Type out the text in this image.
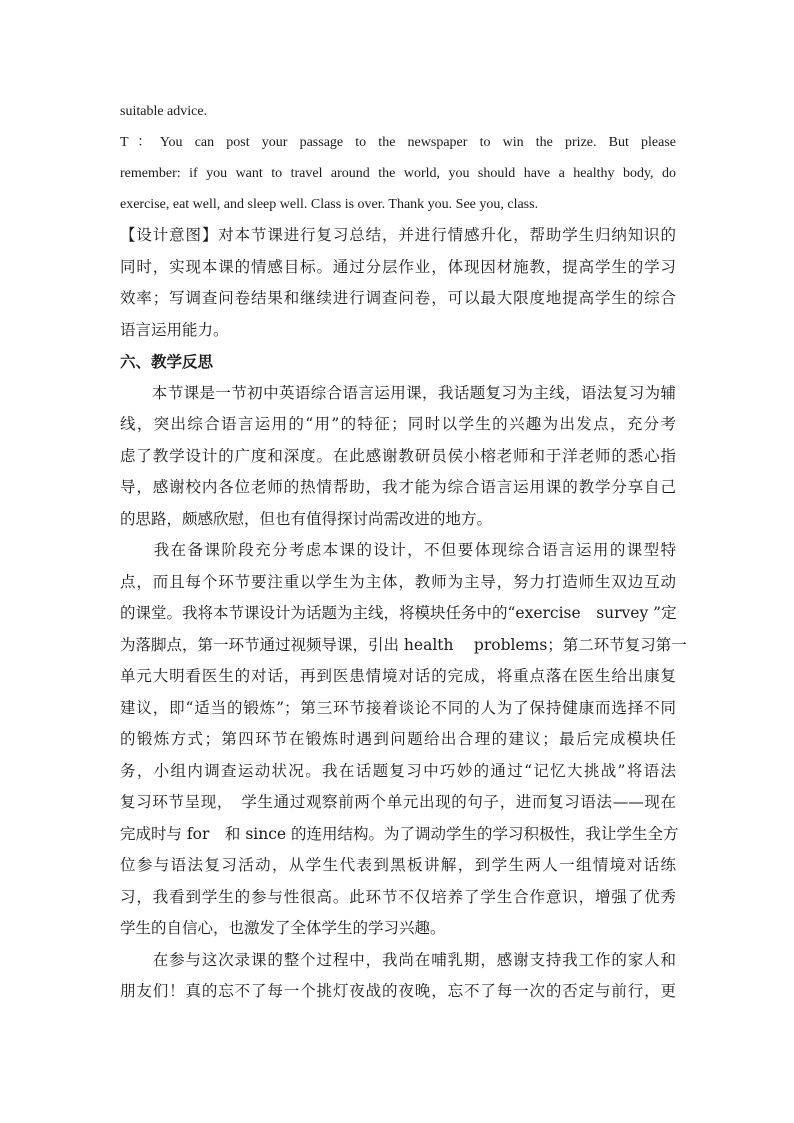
suitable advice.
T：You can post your passage to the newspaper to win the prize. But please
remember: if you want to travel around the world, you should have a healthy body, do
exercise, eat well, and sleep well. Class is over. Thank you. See you, class.
【设计意图】对本节课进行复习总结，并进行情感升化，帮助学生归纳知识的
同时，实现本课的情感目标。通过分层作业，体现因材施教，提高学生的学习
效率；写调查问卷结果和继续进行调查问卷，可以最大限度地提高学生的综合
语言运用能力。
六、教学反思
　　本节课是一节初中英语综合语言运用课，我话题复习为主线，语法复习为辅
线，突出综合语言运用的“用”的特征；同时以学生的兴趣为出发点，充分考
虑了教学设计的广度和深度。在此感谢教研员侯小榕老师和于洋老师的悉心指
导，感谢校内各位老师的热情帮助，我才能为综合语言运用课的教学分享自己
的思路，颇感欣慰，但也有值得探讨尚需改进的地方。
　　我在备课阶段充分考虑本课的设计，不但要体现综合语言运用的课型特
点，而且每个环节要注重以学生为主体，教师为主导，努力打造师生双边互动
的课堂。我将本节课设计为话题为主线，将模块任务中的“exercise　survey ”定
为落脚点，第一环节通过视频导课，引出 health　 problems；第二环节复习第一
单元大明看医生的对话，再到医患情境对话的完成，将重点落在医生给出康复
建议，即“适当的锻炼”；第三环节接着谈论不同的人为了保持健康而选择不同
的锻炼方式；第四环节在锻炼时遇到问题给出合理的建议；最后完成模块任
务，小组内调查运动状况。我在话题复习中巧妙的通过“记忆大挑战”将语法
复习环节呈现，　学生通过观察前两个单元出现的句子，进而复习语法——现在
完成时与 for　和 since 的连用结构。为了调动学生的学习积极性，我让学生全方
位参与语法复习活动，从学生代表到黑板讲解，到学生两人一组情境对话练
习，我看到学生的参与性很高。此环节不仅培养了学生合作意识，增强了优秀
学生的自信心，也激发了全体学生的学习兴趣。
　　在参与这次录课的整个过程中，我尚在哺乳期，感谢支持我工作的家人和
朋友们！真的忘不了每一个挑灯夜战的夜晚，忘不了每一次的否定与前行，更
